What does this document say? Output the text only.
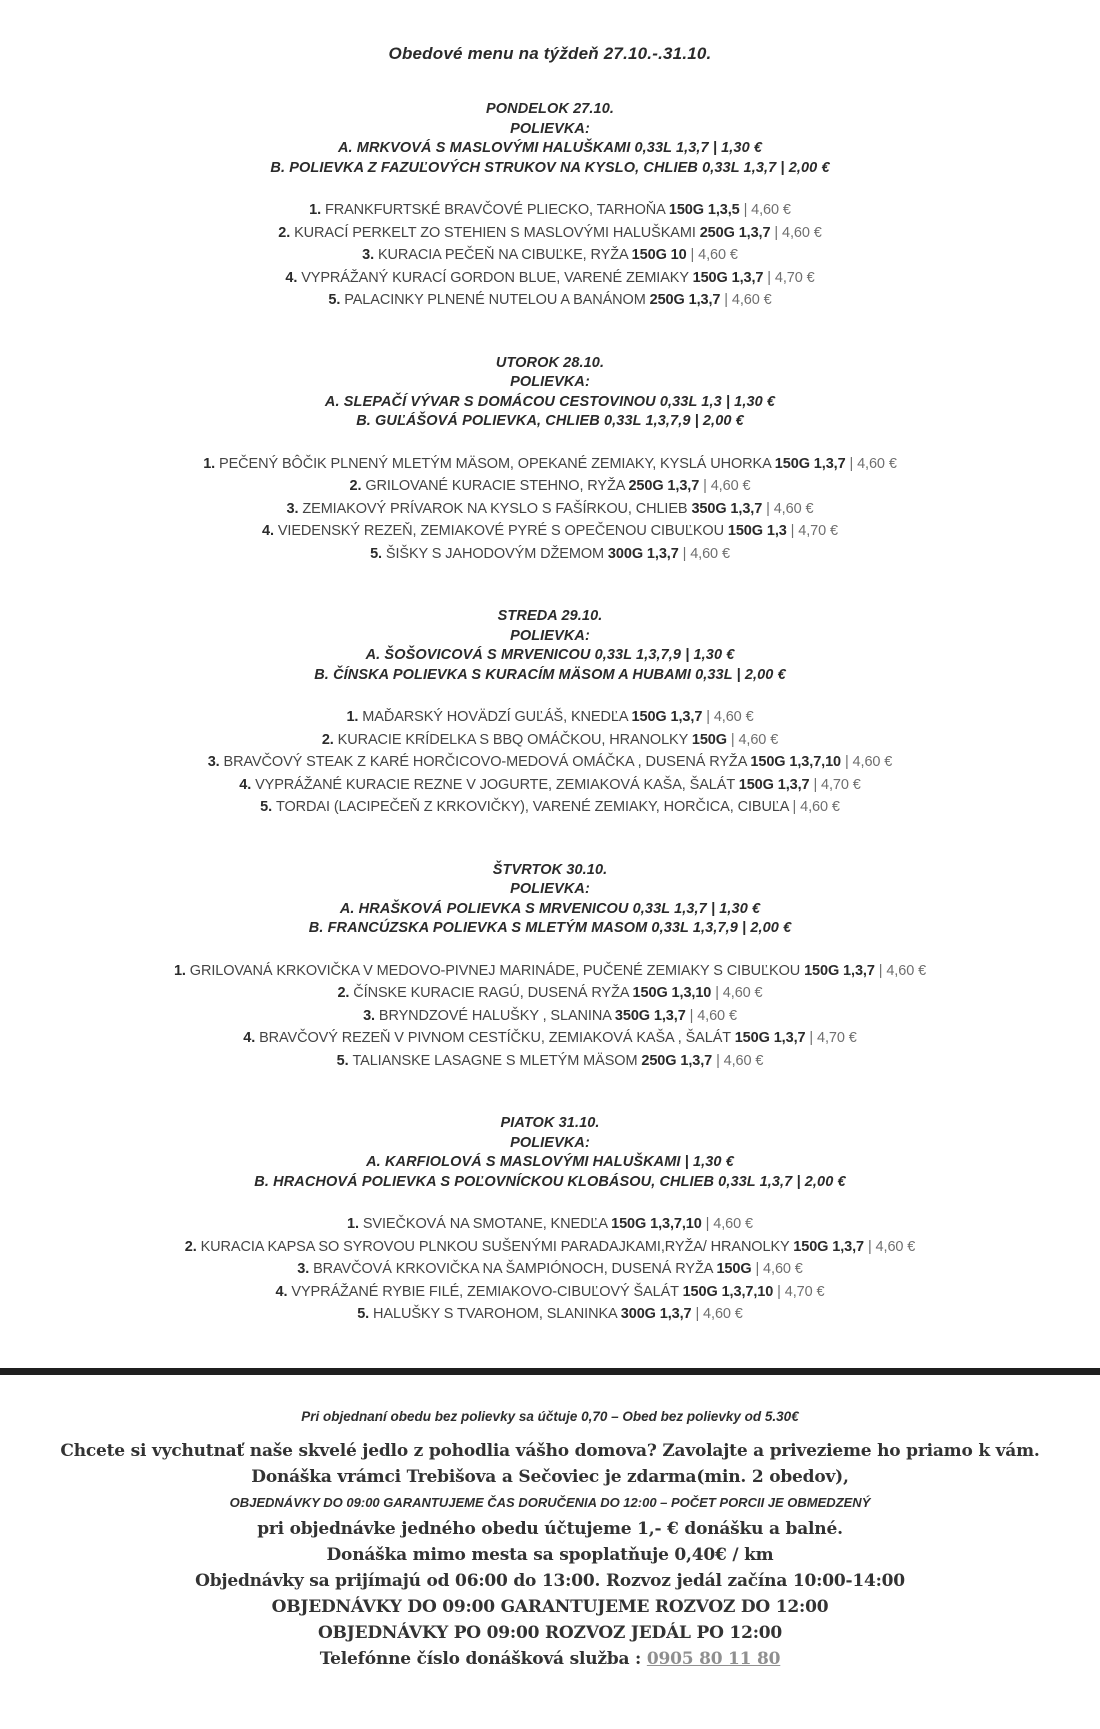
Obedové menu na týždeň 27.10.-.31.10.
PONDELOK 27.10.
POLIEVKA:
A. MRKVOVÁ S MASLOVÝMI HALUŠKAMI 0,33L 1,3,7 | 1,30 €
B. POLIEVKA Z FAZUĽOVÝCH STRUKOV NA KYSLO, CHLIEB 0,33L 1,3,7 | 2,00 €
1. FRANKFURTSKÉ BRAVČOVÉ PLIECKO, TARHOŇA 150G 1,3,5 | 4,60 €
2. KURACÍ PERKELT ZO STEHIEN S MASLOVÝMI HALUŠKAMI 250G 1,3,7 | 4,60 €
3. KURACIA PEČEŇ NA CIBUĽKE, RYŽA 150G 10 | 4,60 €
4. VYPRÁŽANÝ KURACÍ GORDON BLUE, VARENÉ ZEMIAKY 150G 1,3,7 | 4,70 €
5. PALACINKY PLNENÉ NUTELOU A BANÁNOM 250G 1,3,7 | 4,60 €
UTOROK 28.10.
POLIEVKA:
A. SLEPAČÍ VÝVAR S DOMÁCOU CESTOVINOU 0,33L 1,3 | 1,30 €
B. GUĽÁŠOVÁ POLIEVKA, CHLIEB 0,33L 1,3,7,9 | 2,00 €
1. PEČENÝ BÔČIK PLNENÝ MLETÝM MÄSOM, OPEKANÉ ZEMIAKY, KYSLÁ UHORKA 150G 1,3,7 | 4,60 €
2. GRILOVANÉ KURACIE STEHNO, RYŽA 250G 1,3,7 | 4,60 €
3. ZEMIAKOVÝ PRÍVAROK NA KYSLO S FAŠÍRKOU, CHLIEB 350G 1,3,7 | 4,60 €
4. VIEDENSKÝ REZEŇ, ZEMIAKOVÉ PYRÉ S OPEČENOU CIBUĽKOU 150G 1,3 | 4,70 €
5. ŠIŠKY S JAHODOVÝM DŽEMOM 300G 1,3,7 | 4,60 €
STREDA 29.10.
POLIEVKA:
A. ŠOŠOVICOVÁ S MRVENICOU 0,33L 1,3,7,9 | 1,30 €
B. ČÍNSKA POLIEVKA S KURACÍM MÄSOM A HUBAMI 0,33L | 2,00 €
1. MAĎARSKÝ HOVÄDZÍ GUĽÁŠ, KNEDĽA 150G 1,3,7 | 4,60 €
2. KURACIE KRÍDELKA S BBQ OMÁČKOU, HRANOLKY 150G | 4,60 €
3. BRAVČOVÝ STEAK Z KARÉ HORČICOVO-MEDOVÁ OMÁČKA , DUSENÁ RYŽA 150G 1,3,7,10 | 4,60 €
4. VYPRÁŽANÉ KURACIE REZNE V JOGURTE, ZEMIAKOVÁ KAŠA, ŠALÁT 150G 1,3,7 | 4,70 €
5. TORDAI (LACIPEČEŇ Z KRKOVIČKY), VARENÉ ZEMIAKY, HORČICA, CIBUĽA | 4,60 €
ŠTVRTOK 30.10.
POLIEVKA:
A. HRAŠKOVÁ POLIEVKA S MRVENICOU 0,33L 1,3,7 | 1,30 €
B. FRANCÚZSKA POLIEVKA S MLETÝM MASOM 0,33L 1,3,7,9 | 2,00 €
1. GRILOVANÁ KRKOVIČKA V MEDOVO-PIVNEJ MARINÁDE, PUČENÉ ZEMIAKY S CIBUĽKOU 150G 1,3,7 | 4,60 €
2. ČÍNSKE KURACIE RAGÚ, DUSENÁ RYŽA 150G 1,3,10 | 4,60 €
3. BRYNDZOVÉ HALUŠKY , SLANINA 350G 1,3,7 | 4,60 €
4. BRAVČOVÝ REZEŇ V PIVNOM CESTÍČKU, ZEMIAKOVÁ KAŠA , ŠALÁT 150G 1,3,7 | 4,70 €
5. TALIANSKE LASAGNE S MLETÝM MÄSOM 250G 1,3,7 | 4,60 €
PIATOK 31.10.
POLIEVKA:
A. KARFIOLOVÁ S MASLOVÝMI HALUŠKAMI | 1,30 €
B. HRACHOVÁ POLIEVKA S POĽOVNÍCKOU KLOBÁSOU, CHLIEB 0,33L 1,3,7 | 2,00 €
1. SVIEČKOVÁ NA SMOTANE, KNEDĽA 150G 1,3,7,10 | 4,60 €
2. KURACIA KAPSA SO SYROVOU PLNKOU SUŠENÝMI PARADAJKAMI,RYŽA/ HRANOLKY 150G 1,3,7 | 4,60 €
3. BRAVČOVÁ KRKOVIČKA NA ŠAMPIÓNOCH, DUSENÁ RYŽA 150G | 4,60 €
4. VYPRÁŽANÉ RYBIE FILÉ, ZEMIAKOVO-CIBUĽOVÝ ŠALÁT 150G 1,3,7,10 | 4,70 €
5. HALUŠKY S TVAROHOM, SLANINKA 300G 1,3,7 | 4,60 €

Pri objednaní obedu bez polievky sa účtuje 0,70 – Obed bez polievky od 5.30€

Chcete si vychutnať naše skvelé jedlo z pohodlia vášho domova? Zavolajte a privezieme ho priamo k vám.

Donáška vrámci Trebišova a Sečoviec je zdarma(min. 2 obedov),

OBJEDNÁVKY DO 09:00 GARANTUJEME ČAS DORUČENIA DO 12:00 – POČET PORCII JE OBMEDZENÝ

pri objednávke jedného obedu účtujeme 1,- € donášku a balné.

Donáška mimo mesta sa spoplatňuje 0,40€ / km

Objednávky sa prijímajú od 06:00 do 13:00. Rozvoz jedál začína 10:00-14:00

OBJEDNÁVKY DO 09:00 GARANTUJEME ROZVOZ DO 12:00

OBJEDNÁVKY PO 09:00 ROZVOZ JEDÁL PO 12:00

Telefónne číslo donášková služba : 0905 80 11 80
